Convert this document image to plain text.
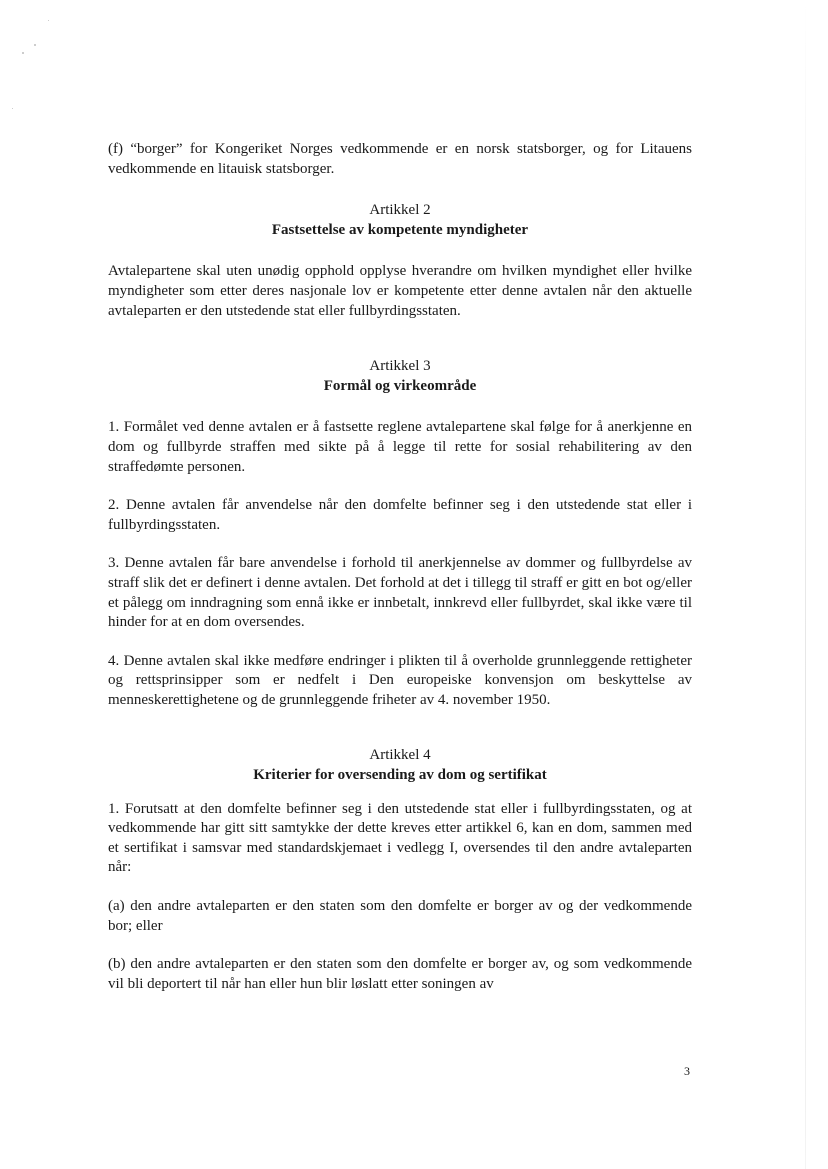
(f) “borger” for Kongeriket Norges vedkommende er en norsk statsborger, og for Litauens vedkommende en litauisk statsborger.

Artikkel 2
Fastsettelse av kompetente myndigheter

Avtalepartene skal uten unødig opphold opplyse hverandre om hvilken myndighet eller hvilke myndigheter som etter deres nasjonale lov er kompetente etter denne avtalen når den aktuelle avtaleparten er den utstedende stat eller fullbyrdingsstaten.

Artikkel 3
Formål og virkeområde

1. Formålet ved denne avtalen er å fastsette reglene avtalepartene skal følge for å anerkjenne en dom og fullbyrde straffen med sikte på å legge til rette for sosial rehabilitering av den straffedømte personen.

2. Denne avtalen får anvendelse når den domfelte befinner seg i den utstedende stat eller i fullbyrdingsstaten.

3. Denne avtalen får bare anvendelse i forhold til anerkjennelse av dommer og fullbyrdelse av straff slik det er definert i denne avtalen. Det forhold at det i tillegg til straff er gitt en bot og/eller et pålegg om inndragning som ennå ikke er innbetalt, innkrevd eller fullbyrdet, skal ikke være til hinder for at en dom oversendes.

4. Denne avtalen skal ikke medføre endringer i plikten til å overholde grunnleggende rettigheter og rettsprinsipper som er nedfelt i Den europeiske konvensjon om beskyttelse av menneskerettighetene og de grunnleggende friheter av 4. november 1950.

Artikkel 4
Kriterier for oversending av dom og sertifikat

1. Forutsatt at den domfelte befinner seg i den utstedende stat eller i fullbyrdingsstaten, og at vedkommende har gitt sitt samtykke der dette kreves etter artikkel 6, kan en dom, sammen med et sertifikat i samsvar med standardskjemaet i vedlegg I, oversendes til den andre avtaleparten når:

(a) den andre avtaleparten er den staten som den domfelte er borger av og der vedkommende bor; eller

(b) den andre avtaleparten er den staten som den domfelte er borger av, og som vedkommende vil bli deportert til når han eller hun blir løslatt etter soningen av

3
